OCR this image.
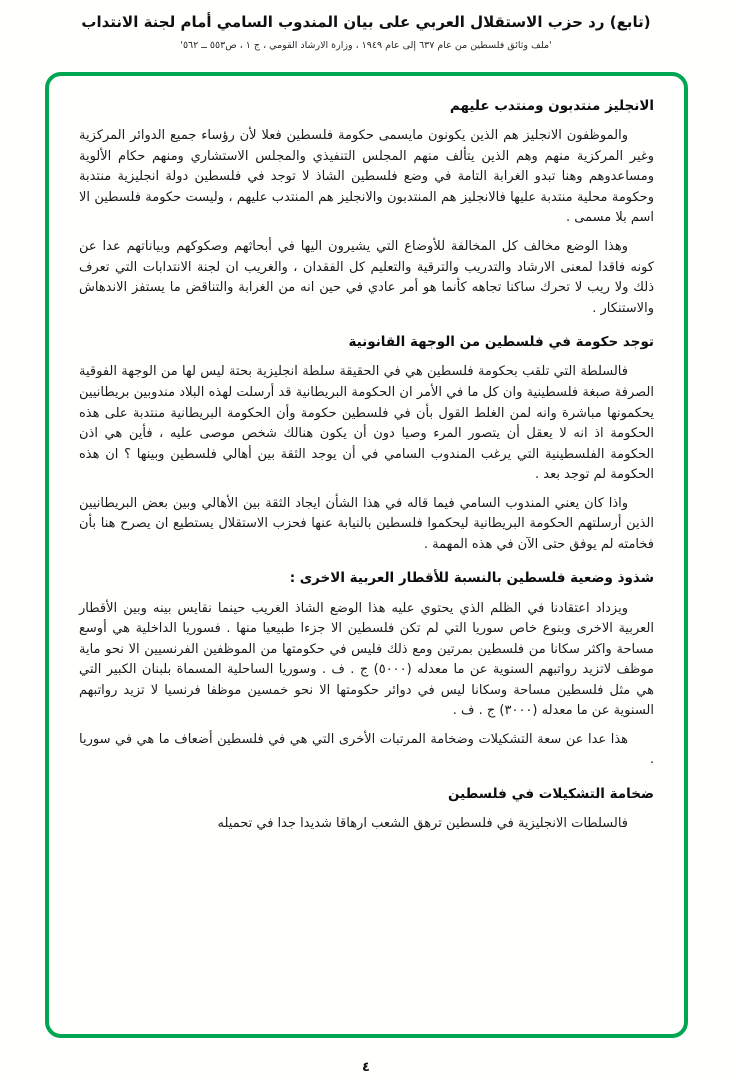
(تابع) رد حزب الاستقلال العربي على بيان المندوب السامي أمام لجنة الانتداب
'ملف وثائق فلسطين من عام ٦٣٧ إلى عام ١٩٤٩ ، وزارة الارشاد القومي ، ج ١ ، ص٥٥٣ ــ ٥٦٢'
الانجليز منتدبون ومنتدب عليهم

والموظفون الانجليز هم الذين يكونون مايسمى حكومة فلسطين فعلا لأن رؤساء جميع الدوائر المركزية وغير المركزية منهم وهم الذين يتألف منهم المجلس التنفيذي والمجلس الاستشاري ومنهم حكام الألوية ومساعدوهم وهنا تبدو الغرابة التامة في وضع فلسطين الشاذ لا توجد في فلسطين دولة انجليزية منتدبة وحكومة محلية منتدبة عليها فالانجليز هم المنتدبون والانجليز هم المنتدب عليهم ، وليست حكومة فلسطين الا اسم بلا مسمى .

وهذا الوضع مخالف كل المخالفة للأوضاع التي يشيرون اليها في أبحاثهم وصكوكهم وبياناتهم عدا عن كونه فاقدا لمعنى الارشاد والتدريب والترقية والتعليم كل الفقدان ، والغريب ان لجنة الانتدابات التي تعرف ذلك ولا ريب لا تحرك ساكنا تجاهه كأنما هو أمر عادي في حين انه من الغرابة والتناقض ما يستفز الاندهاش والاستنكار .

توجد حكومة في فلسطين من الوجهة القانونية

فالسلطة التي تلقب بحكومة فلسطين هي في الحقيقة سلطة انجليزية بحتة ليس لها من الوجهة الفوقية الصرفة صبغة فلسطينية وان كل ما في الأمر ان الحكومة البريطانية قد أرسلت لهذه البلاد مندوبين بريطانيين يحكمونها مباشرة وانه لمن الغلط القول بأن في فلسطين حكومة وأن الحكومة البريطانية منتدبة على هذه الحكومة اذ انه لا يعقل أن يتصور المرء وصيا دون أن يكون هنالك شخص موصى عليه ، فأين هي اذن الحكومة الفلسطينية التي يرغب المندوب السامي في أن يوجد الثقة بين أهالي فلسطين وبينها ؟ ان هذه الحكومة لم توجد بعد .

واذا كان يعني المندوب السامي فيما قاله في هذا الشأن ايجاد الثقة بين الأهالي وبين بعض البريطانيين الذين أرسلتهم الحكومة البريطانية ليحكموا فلسطين بالنيابة عنها فحزب الاستقلال يستطيع ان يصرح هنا بأن فخامته لم يوفق حتى الآن في هذه المهمة .

شذوذ وضعية فلسطين بالنسبة للأقطار العربية الاخرى :

ويزداد اعتقادنا في الظلم الذي يحتوي عليه هذا الوضع الشاذ الغريب حينما نقايس بينه وبين الأقطار العربية الاخرى وبنوع خاص سوريا التي لم تكن فلسطين الا جزءا طبيعيا منها . فسوريا الداخلية هي أوسع مساحة واكثر سكانا من فلسطين بمرتين ومع ذلك فليس في حكومتها من الموظفين الفرنسيين الا نحو ماية موظف لاتزيد رواتبهم السنوية عن ما معدله (٥٠٠٠) ج . ف . وسوريا الساحلية المسماة بلبنان الكبير التي هي مثل فلسطين مساحة وسكانا ليس في دوائر حكومتها الا نحو خمسين موظفا فرنسيا لا تزيد رواتبهم السنوية عن ما معدله (٣٠٠٠) ج . ف .

هذا عدا عن سعة التشكيلات وضخامة المرتبات الأخرى التي هي في فلسطين أضعاف ما هي في سوريا .

ضخامة التشكيلات في فلسطين

فالسلطات الانجليزية في فلسطين ترهق الشعب ارهاقا شديدا جدا في تحميله

٤
